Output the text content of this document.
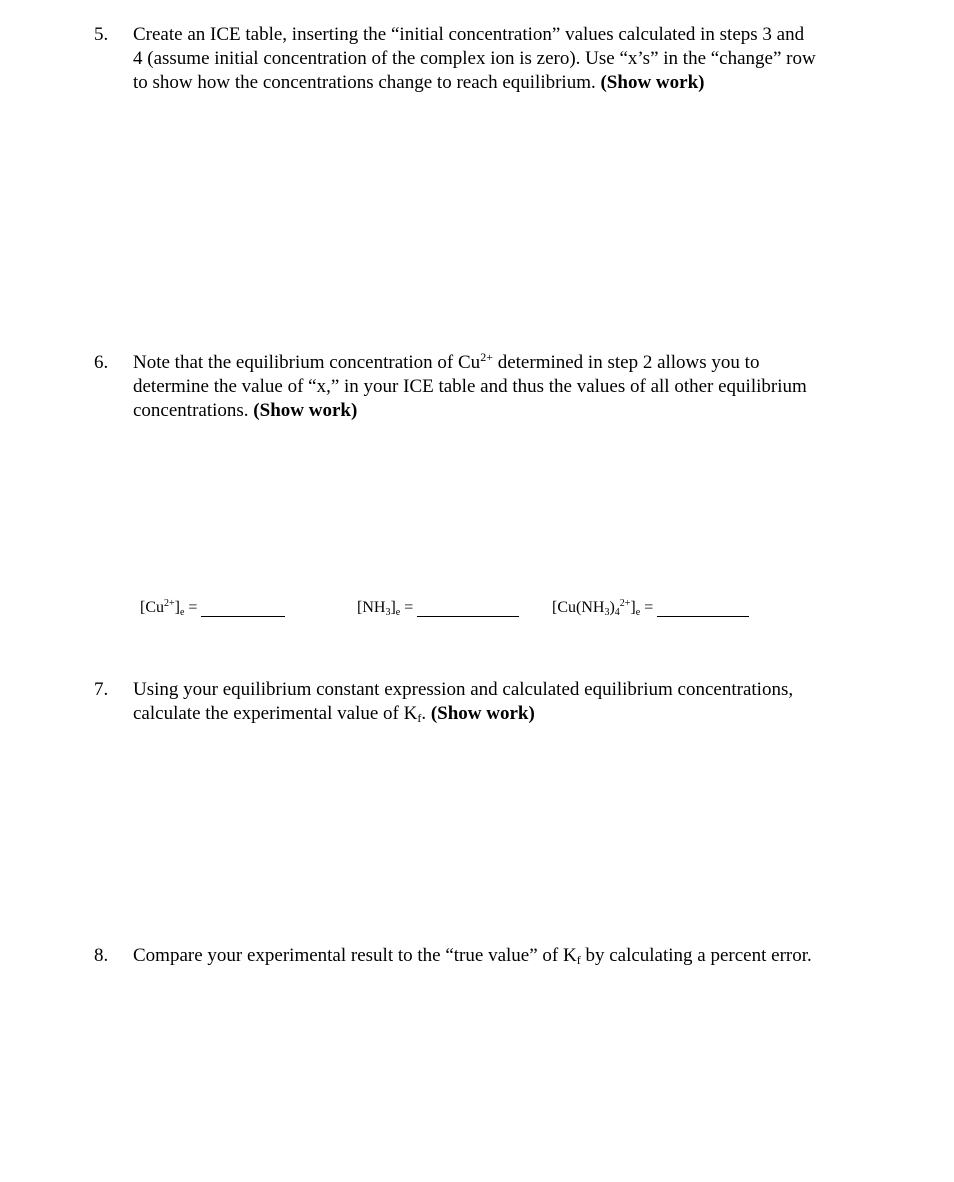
5. Create an ICE table, inserting the “initial concentration” values calculated in steps 3 and
4 (assume initial concentration of the complex ion is zero). Use “x’s” in the “change” row
to show how the concentrations change to reach equilibrium. (Show work)
6. Note that the equilibrium concentration of $Cu^{2+}$ determined in step 2 allows you to
determine the value of “x,” in your ICE table and thus the values of all other equilibrium
concentrations. (Show work)
$[Cu^{2+}]_e$ =	$[NH_3]_e$ =	$[Cu(NH_3)_4^{2+}]_e$ =
7. Using your equilibrium constant expression and calculated equilibrium concentrations,
calculate the experimental value of $K_f$. (Show work)
8. Compare your experimental result to the “true value” of $K_f$ by calculating a percent error.
